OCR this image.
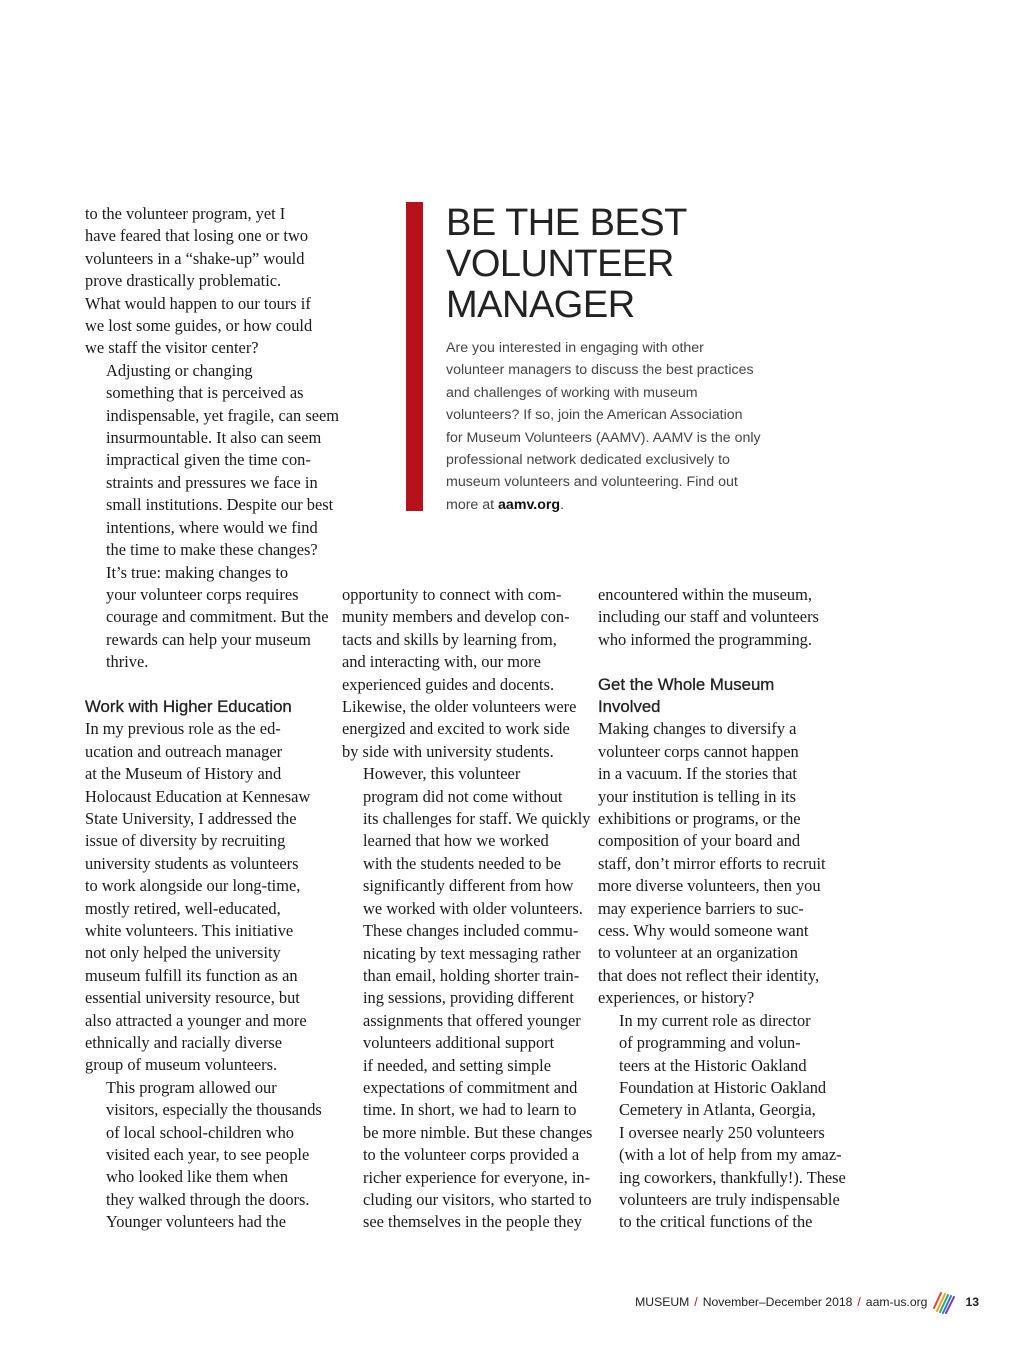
to the volunteer program, yet I
have feared that losing one or two
volunteers in a “shake-up” would
prove drastically problematic.
What would happen to our tours if
we lost some guides, or how could
we staff the visitor center?

Adjusting or changing
something that is perceived as
indispensable, yet fragile, can seem
insurmountable. It also can seem
impractical given the time con-
straints and pressures we face in
small institutions. Despite our best
intentions, where would we find
the time to make these changes?

It’s true: making changes to
your volunteer corps requires
courage and commitment. But the
rewards can help your museum
thrive.

Work with Higher Education

In my previous role as the ed-
ucation and outreach manager
at the Museum of History and
Holocaust Education at Kennesaw
State University, I addressed the
issue of diversity by recruiting
university students as volunteers
to work alongside our long-time,
mostly retired, well-educated,
white volunteers. This initiative
not only helped the university
museum fulfill its function as an
essential university resource, but
also attracted a younger and more
ethnically and racially diverse
group of museum volunteers.

This program allowed our
visitors, especially the thousands
of local school-children who
visited each year, to see people
who looked like them when
they walked through the doors.
Younger volunteers had the

BE THE BEST
VOLUNTEER
MANAGER
Are you interested in engaging with other
volunteer managers to discuss the best practices
and challenges of working with museum
volunteers? If so, join the American Association
for Museum Volunteers (AAMV). AAMV is the only
professional network dedicated exclusively to
museum volunteers and volunteering. Find out
more at aamv.org.

opportunity to connect with com-
munity members and develop con-
tacts and skills by learning from,
and interacting with, our more
experienced guides and docents.
Likewise, the older volunteers were
energized and excited to work side
by side with university students.

However, this volunteer
program did not come without
its challenges for staff. We quickly
learned that how we worked
with the students needed to be
significantly different from how
we worked with older volunteers.
These changes included commu-
nicating by text messaging rather
than email, holding shorter train-
ing sessions, providing different
assignments that offered younger
volunteers additional support
if needed, and setting simple
expectations of commitment and
time. In short, we had to learn to
be more nimble. But these changes
to the volunteer corps provided a
richer experience for everyone, in-
cluding our visitors, who started to
see themselves in the people they

encountered within the museum,
including our staff and volunteers
who informed the programming.

Get the Whole Museum
Involved

Making changes to diversify a
volunteer corps cannot happen
in a vacuum. If the stories that
your institution is telling in its
exhibitions or programs, or the
composition of your board and
staff, don’t mirror efforts to recruit
more diverse volunteers, then you
may experience barriers to suc-
cess. Why would someone want
to volunteer at an organization
that does not reflect their identity,
experiences, or history?

In my current role as director
of programming and volun-
teers at the Historic Oakland
Foundation at Historic Oakland
Cemetery in Atlanta, Georgia,
I oversee nearly 250 volunteers
(with a lot of help from my amaz-
ing coworkers, thankfully!). These
volunteers are truly indispensable
to the critical functions of the

MUSEUM / November–December 2018 / aam-us.org	13
